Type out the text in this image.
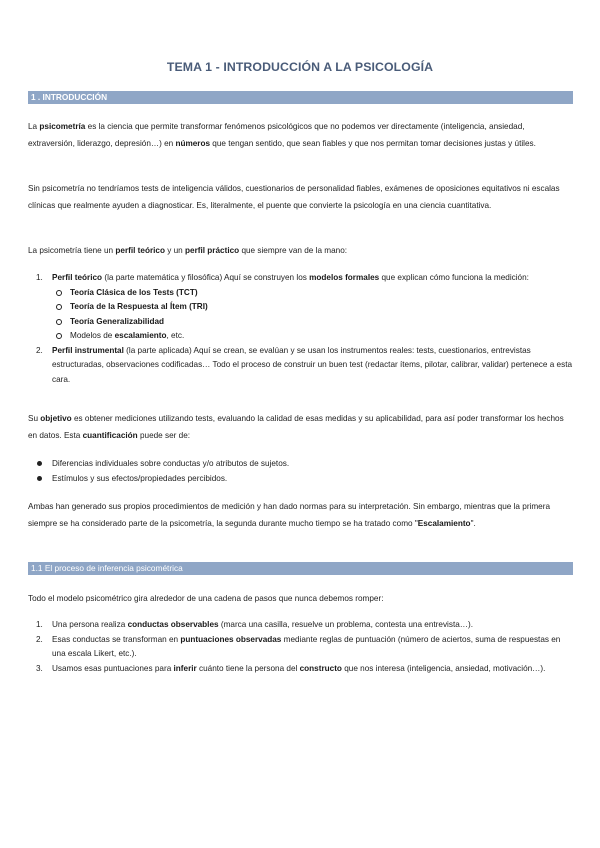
TEMA 1 - INTRODUCCIÓN A LA PSICOLOGÍA
1 . INTRODUCCIÓN
La psicometría es la ciencia que permite transformar fenómenos psicológicos que no podemos ver directamente (inteligencia, ansiedad, extraversión, liderazgo, depresión…) en números que tengan sentido, que sean fiables y que nos permitan tomar decisiones justas y útiles.
Sin psicometría no tendríamos tests de inteligencia válidos, cuestionarios de personalidad fiables, exámenes de oposiciones equitativos ni escalas clínicas que realmente ayuden a diagnosticar. Es, literalmente, el puente que convierte la psicología en una ciencia cuantitativa.
La psicometría tiene un perfil teórico y un perfil práctico que siempre van de la mano:
1. Perfil teórico (la parte matemática y filosófica) Aquí se construyen los modelos formales que explican cómo funciona la medición:
Teoría Clásica de los Tests (TCT)
Teoría de la Respuesta al Ítem (TRI)
Teoría Generalizabilidad
Modelos de escalamiento, etc.
2. Perfil instrumental (la parte aplicada) Aquí se crean, se evalúan y se usan los instrumentos reales: tests, cuestionarios, entrevistas estructuradas, observaciones codificadas… Todo el proceso de construir un buen test (redactar ítems, pilotar, calibrar, validar) pertenece a esta cara.
Su objetivo es obtener mediciones utilizando tests, evaluando la calidad de esas medidas y su aplicabilidad, para así poder transformar los hechos en datos. Esta cuantificación puede ser de:
Diferencias individuales sobre conductas y/o atributos de sujetos.
Estímulos y sus efectos/propiedades percibidos.
Ambas han generado sus propios procedimientos de medición y han dado normas para su interpretación. Sin embargo, mientras que la primera siempre se ha considerado parte de la psicometría, la segunda durante mucho tiempo se ha tratado como "Escalamiento".
1.1 El proceso de inferencia psicométrica
Todo el modelo psicométrico gira alrededor de una cadena de pasos que nunca debemos romper:
1. Una persona realiza conductas observables (marca una casilla, resuelve un problema, contesta una entrevista…).
2. Esas conductas se transforman en puntuaciones observadas mediante reglas de puntuación (número de aciertos, suma de respuestas en una escala Likert, etc.).
3. Usamos esas puntuaciones para inferir cuánto tiene la persona del constructo que nos interesa (inteligencia, ansiedad, motivación…).
